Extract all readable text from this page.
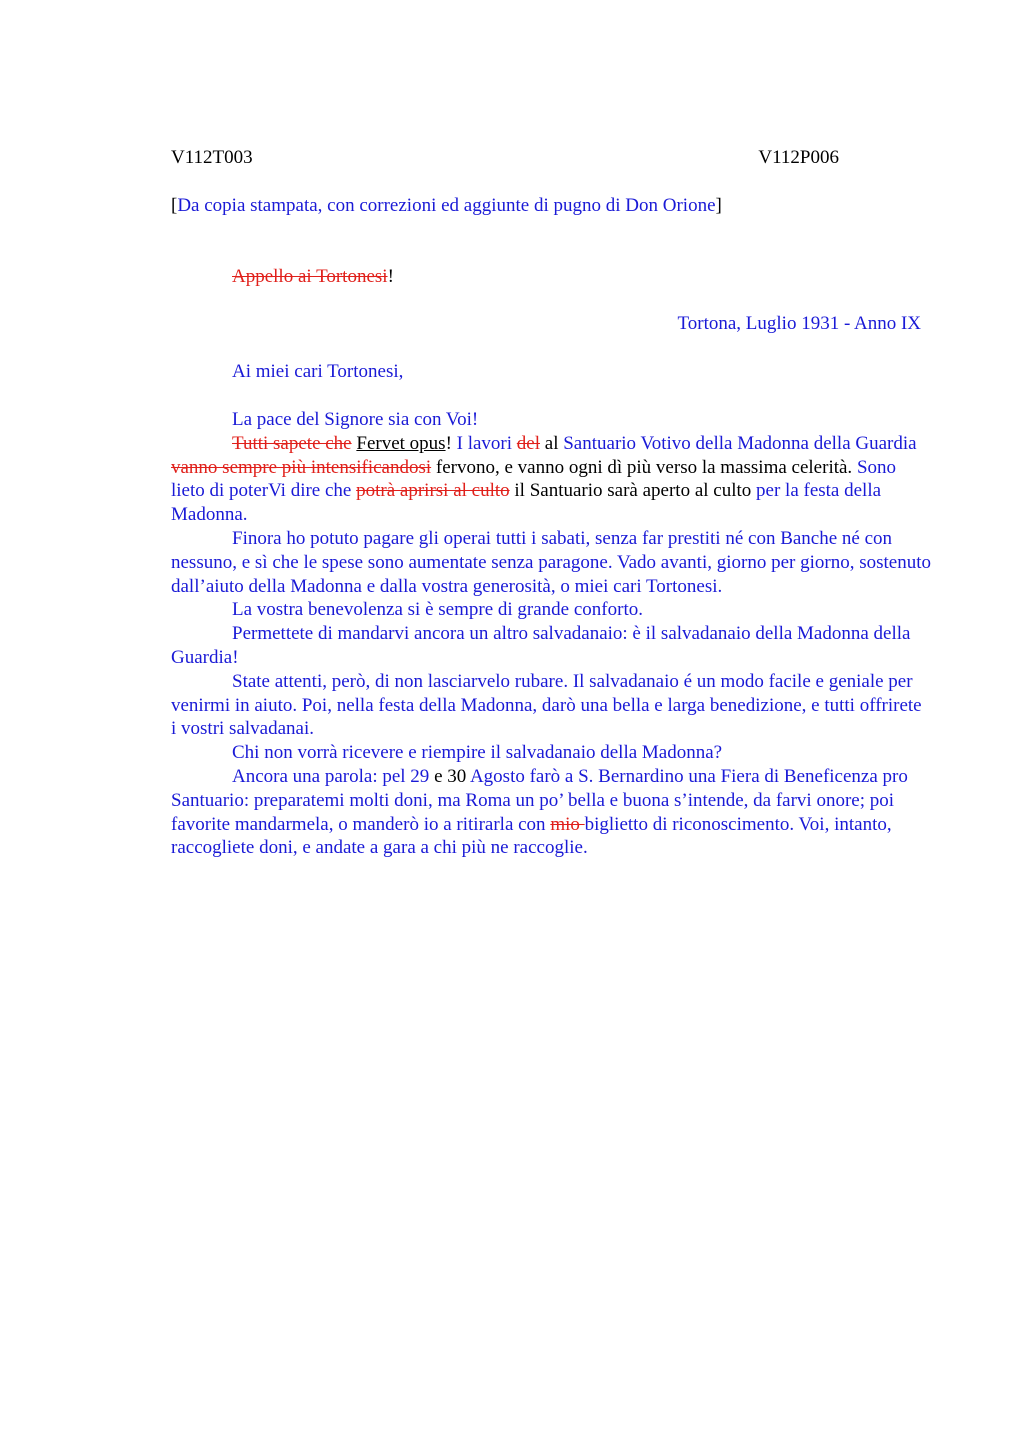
V112T003	V112P006
[Da copia stampata, con correzioni ed aggiunte di pugno di Don Orione]
Appello ai Tortonesi!
Tortona, Luglio 1931 - Anno IX
Ai miei cari Tortonesi,

La pace del Signore sia con Voi!

Tutti sapete che Fervet opus! I lavori del al Santuario Votivo della Madonna della Guardia vanno sempre più intensificandosi fervono, e vanno ogni dì più verso la massima celerità. Sono lieto di poterVi dire che potrà aprirsi al culto il Santuario sarà aperto al culto per la festa della Madonna.

Finora ho potuto pagare gli operai tutti i sabati, senza far prestiti né con Banche né con nessuno, e sì che le spese sono aumentate senza paragone. Vado avanti, giorno per giorno, sostenuto dall’aiuto della Madonna e dalla vostra generosità, o miei cari Tortonesi.

La vostra benevolenza si è sempre di grande conforto.

Permettete di mandarvi ancora un altro salvadanaio: è il salvadanaio della Madonna della Guardia!

State attenti, però, di non lasciarvelo rubare. Il salvadanaio é un modo facile e geniale per venirmi in aiuto. Poi, nella festa della Madonna, darò una bella e larga benedizione, e tutti offrirete i vostri salvadanai.

Chi non vorrà ricevere e riempire il salvadanaio della Madonna?

Ancora una parola: pel 29 e 30 Agosto farò a S. Bernardino una Fiera di Beneficenza pro Santuario: preparatemi molti doni, ma Roma un po’ bella e buona s’intende, da farvi onore; poi favorite mandarmela, o manderò io a ritirarla con mio biglietto di riconoscimento. Voi, intanto, raccogliete doni, e andate a gara a chi più ne raccoglie.
